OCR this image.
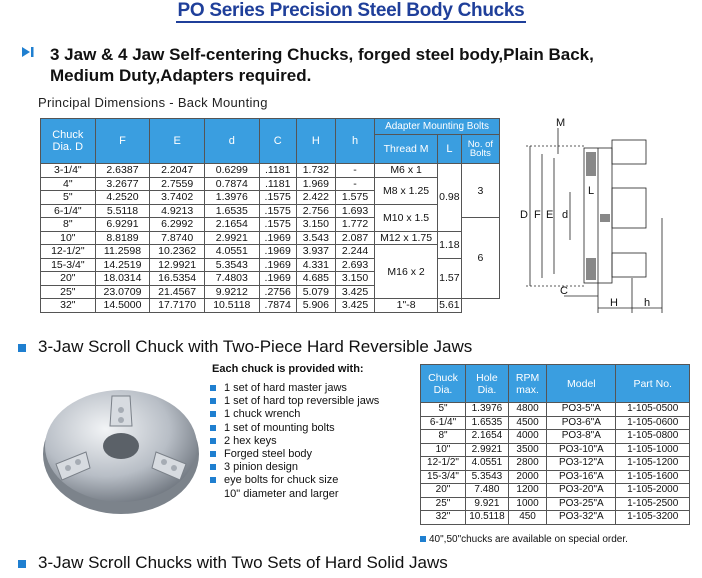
PO Series Precision Steel Body Chucks
3 Jaw & 4 Jaw Self-centering Chucks, forged steel body,Plain Back,
Medium Duty,Adapters required.
Principal Dimensions - Back Mounting
Chuck Dia. D	F	E	d	C	H	h	Adapter Mounting Bolts		
							Thread M	L	No. of Bolts
3-1/4"	2.6387	2.2047	0.6299	.1181	1.732	-	M6 x 1	0.98	3
4"	3.2677	2.7559	0.7874	.1181	1.969	-	M8 x 1.25		
5"	4.2520	3.7402	1.3976	.1575	2.422	1.575			
6-1/4"	5.5118	4.9213	1.6535	.1575	2.756	1.693	M10 x 1.5		
8"	6.9291	6.2992	2.1654	.1575	3.150	1.772			6
10"	8.8189	7.8740	2.9921	.1969	3.543	2.087	M12 x 1.75	1.18	
12-1/2"	11.2598	10.2362	4.0551	.1969	3.937	2.244	M16 x 2		
15-3/4"	14.2519	12.9921	5.3543	.1969	4.331	2.693		1.57	
20"	18.0314	16.5354	7.4803	.1969	4.685	3.150			
25"	23.0709	21.4567	9.9212	.2756	5.079	3.425			
32"	14.5000	17.7170	10.5118	.7874	5.906	3.425	1"-8	5.61	
M
D F E d
L
C
H h
3-Jaw Scroll Chuck with Two-Piece Hard Reversible Jaws
Each chuck is provided with:
1 set of hard master jaws
1 set of hard top reversible jaws
1 chuck wrench
1 set of mounting bolts
2 hex keys
Forged steel body
3 pinion design
eye bolts for chuck size
10" diameter and larger
Chuck Dia.	Hole Dia.	RPM max.	Model	Part No.
5"	1.3976	4800	PO3-5"A	1-105-0500
6-1/4"	1.6535	4500	PO3-6"A	1-105-0600
8"	2.1654	4000	PO3-8"A	1-105-0800
10"	2.9921	3500	PO3-10"A	1-105-1000
12-1/2"	4.0551	2800	PO3-12"A	1-105-1200
15-3/4"	5.3543	2000	PO3-16"A	1-105-1600
20"	7.480	1200	PO3-20"A	1-105-2000
25"	9.921	1000	PO3-25"A	1-105-2500
32"	10.5118	450	PO3-32"A	1-105-3200
40",50"chucks are available on special order.
3-Jaw Scroll Chucks with Two Sets of Hard Solid Jaws
